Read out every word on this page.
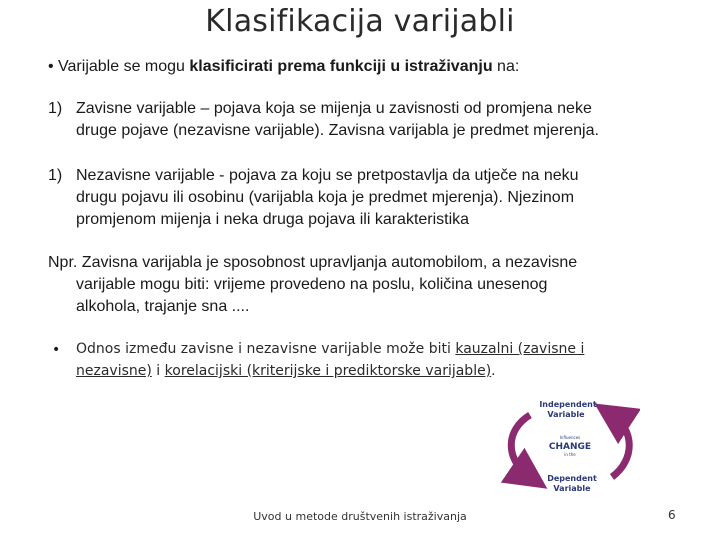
Klasifikacija varijabli
• Varijable se mogu klasificirati prema funkciji u istraživanju na:
1) Zavisne varijable – pojava koja se mijenja u zavisnosti od promjena neke
druge pojave (nezavisne varijable). Zavisna varijabla je predmet mjerenja.
1) Nezavisne varijable - pojava za koju se pretpostavlja da utječe na neku
drugu pojavu ili osobinu (varijabla koja je predmet mjerenja). Njezinom
promjenom mijenja i neka druga pojava ili karakteristika
Npr. Zavisna varijabla je sposobnost upravljanja automobilom, a nezavisne
varijable mogu biti: vrijeme provedeno na poslu, količina unesenog
alkohola, trajanje sna ....
• Odnos između zavisne i nezavisne varijable može biti kauzalni (zavisne i nezavisne) i korelacijski (kriterijske i prediktorske varijable).
Independent
Variable
Influences
CHANGE
in the
Dependent
Variable
Uvod u metode društvenih istraživanja	6
